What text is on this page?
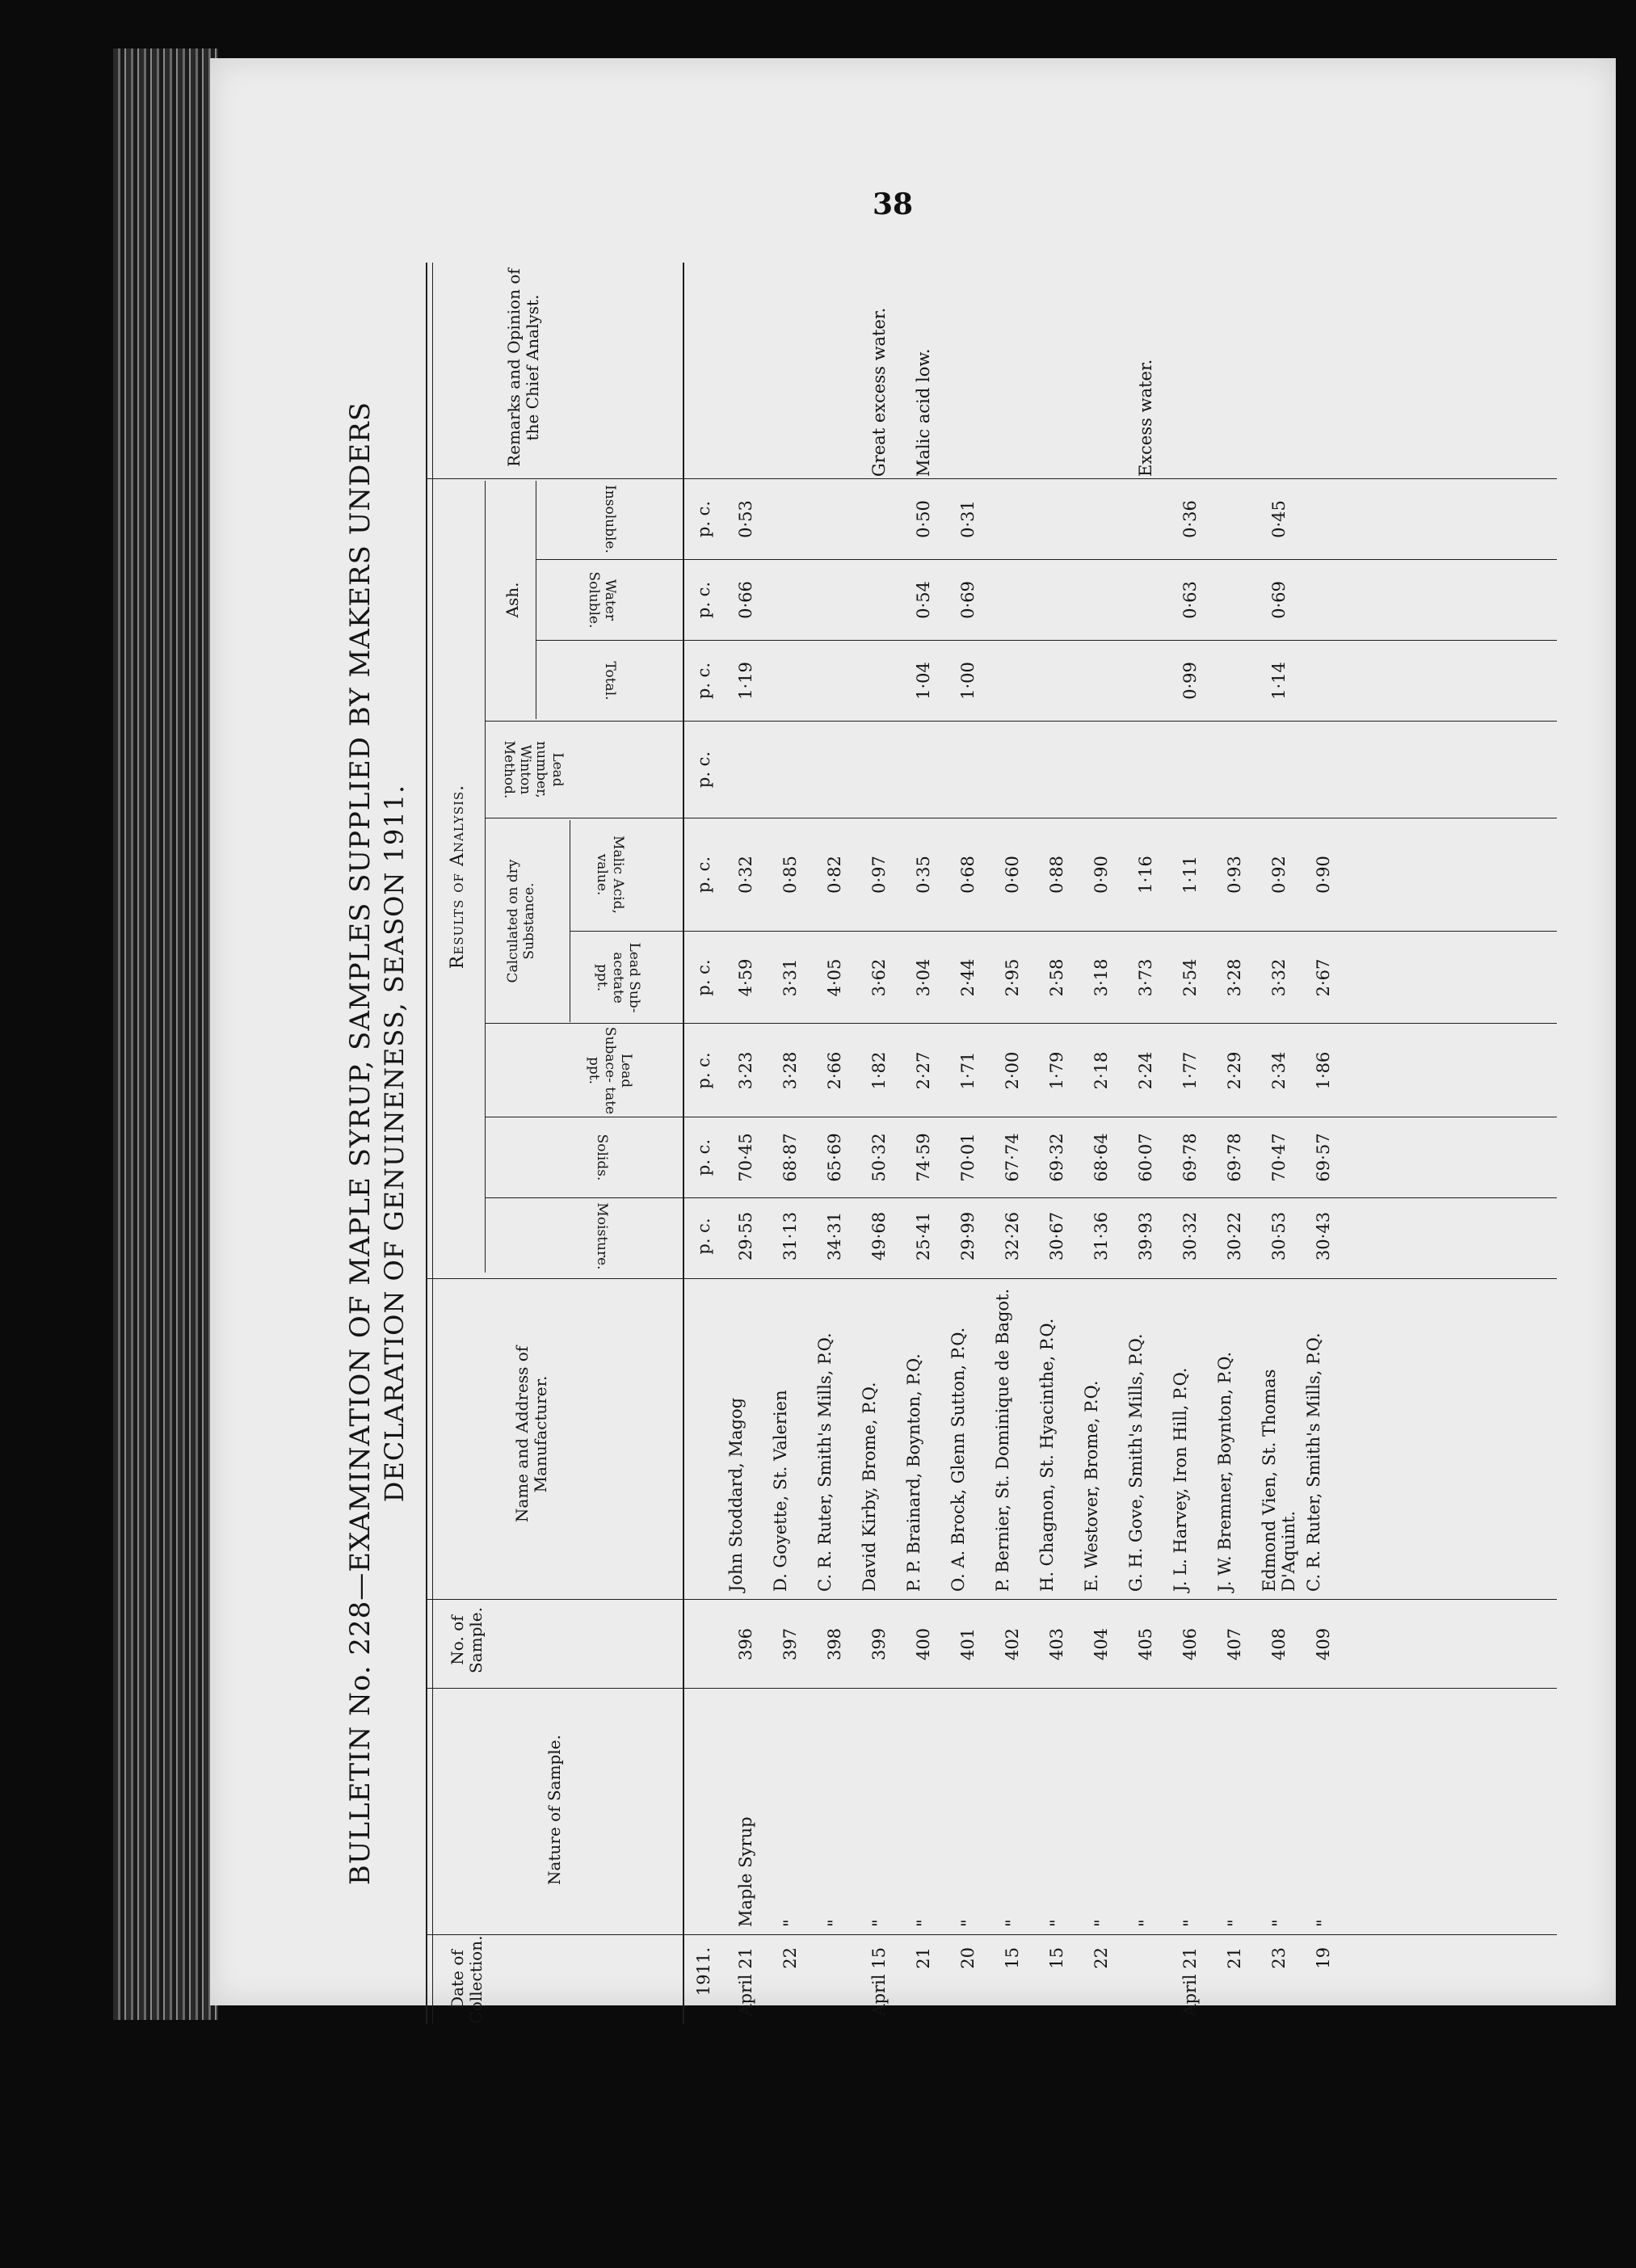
38
BULLETIN No. 228—EXAMINATION OF MAPLE SYRUP, SAMPLES SUPPLIED BY MAKERS UNDERS DECLARATION OF GENUINENESS, SEASON 1911.
Date of Collection.
Nature of Sample.
No. of Sample.
Name and Address of Manufacturer.
Results of Analysis.	Calculated on dry Substance.
Ash.
Remarks and Opinion of the Chief Analyst.
Moisture.
Solids.
Lead Subace- tate ppt.
Lead Sub- acetate ppt.
Malic Acid, value.
Lead number, Winton Method.
Total.
Water Soluble.
Insoluble.
1911.
p. c.
p. c.
p. c.
p. c.
p. c.
p. c.
p. c.
p. c.
p. c.
April 21
Maple Syrup
396
John Stoddard, Magog
29·55
70·45
3·23
4·59
0·32
1·19
0·66
0·53
22
"
397
D. Goyette, St. Valerien
31·13
68·87
3·28
3·31
0·85
"
398
C. R. Ruter, Smith's Mills, P.Q.
34·31
65·69
2·66
4·05
0·82
April 15
"
399
David Kirby, Brome, P.Q.
49·68
50·32
1·82
3·62
0·97
Great excess water.
21
"
400
P. P. Brainard, Boynton, P.Q.
25·41
74·59
2·27
3·04
0·35
1·04
0·54
0·50
Malic acid low.
20
"
401
O. A. Brock, Glenn Sutton, P.Q.
29·99
70·01
1·71
2·44
0·68
1·00
0·69
0·31
15
"
402
P. Bernier, St. Dominique de Bagot.
32·26
67·74
2·00
2·95
0·60
15
"
403
H. Chagnon, St. Hyacinthe, P.Q.
30·67
69·32
1·79
2·58
0·88
22
"
404
E. Westover, Brome, P.Q.
31·36
68·64
2·18
3·18
0·90
"
405
G. H. Gove, Smith's Mills, P.Q.
39·93
60·07
2·24
3·73
1·16
Excess water.
April 21
"
406
J. L. Harvey, Iron Hill, P.Q.
30·32
69·78
1·77
2·54
1·11
0·99
0·63
0·36
21
"
407
J. W. Bremner, Boynton, P.Q.
30·22
69·78
2·29
3·28
0·93
23
"
408
Edmond Vien, St. Thomas D'Aquint.
30·53
70·47
2·34
3·32
0·92
1·14
0·69
0·45
19
"
409
C. R. Ruter, Smith's Mills, P.Q.
30·43
69·57
1·86
2·67
0·90
